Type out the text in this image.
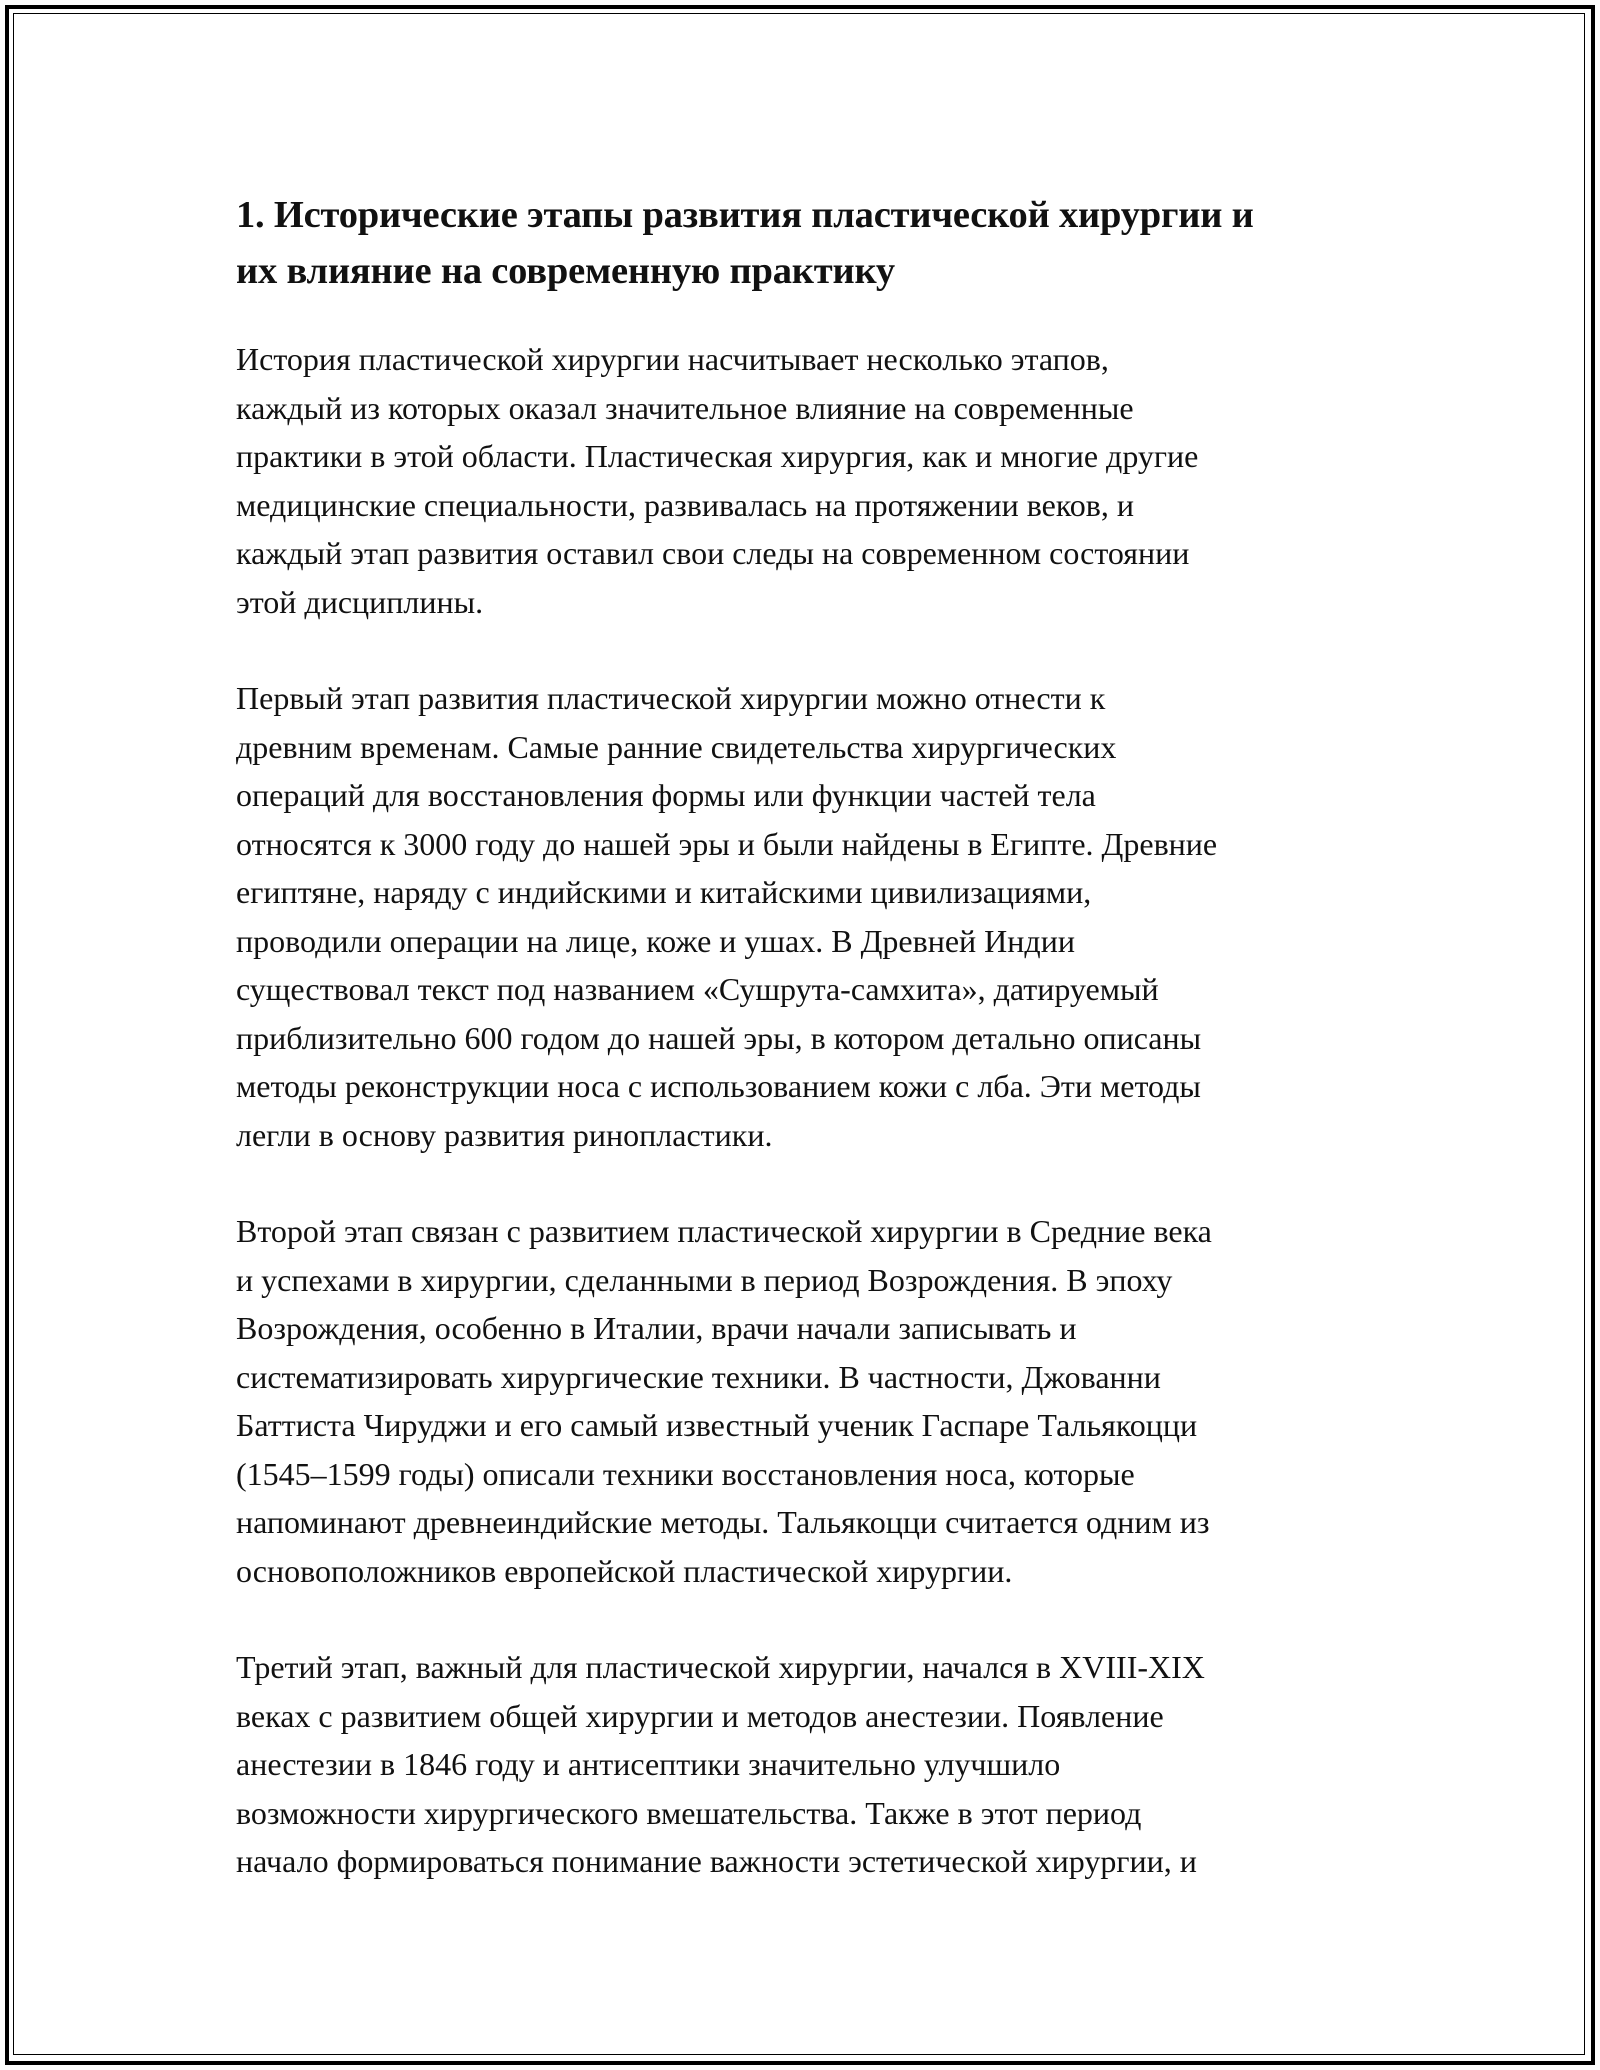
1. Исторические этапы развития пластической хирургии и
их влияние на современную практику

История пластической хирургии насчитывает несколько этапов,
каждый из которых оказал значительное влияние на современные
практики в этой области. Пластическая хирургия, как и многие другие
медицинские специальности, развивалась на протяжении веков, и
каждый этап развития оставил свои следы на современном состоянии
этой дисциплины.

Первый этап развития пластической хирургии можно отнести к
древним временам. Самые ранние свидетельства хирургических
операций для восстановления формы или функции частей тела
относятся к 3000 году до нашей эры и были найдены в Египте. Древние
египтяне, наряду с индийскими и китайскими цивилизациями,
проводили операции на лице, коже и ушах. В Древней Индии
существовал текст под названием «Сушрута-самхита», датируемый
приблизительно 600 годом до нашей эры, в котором детально описаны
методы реконструкции носа с использованием кожи с лба. Эти методы
легли в основу развития ринопластики.

Второй этап связан с развитием пластической хирургии в Средние века
и успехами в хирургии, сделанными в период Возрождения. В эпоху
Возрождения, особенно в Италии, врачи начали записывать и
систематизировать хирургические техники. В частности, Джованни
Баттиста Чируджи и его самый известный ученик Гаспаре Тальякоцци
(1545–1599 годы) описали техники восстановления носа, которые
напоминают древнеиндийские методы. Тальякоцци считается одним из
основоположников европейской пластической хирургии.

Третий этап, важный для пластической хирургии, начался в XVIII-XIX
веках с развитием общей хирургии и методов анестезии. Появление
анестезии в 1846 году и антисептики значительно улучшило
возможности хирургического вмешательства. Также в этот период
начало формироваться понимание важности эстетической хирургии, и
